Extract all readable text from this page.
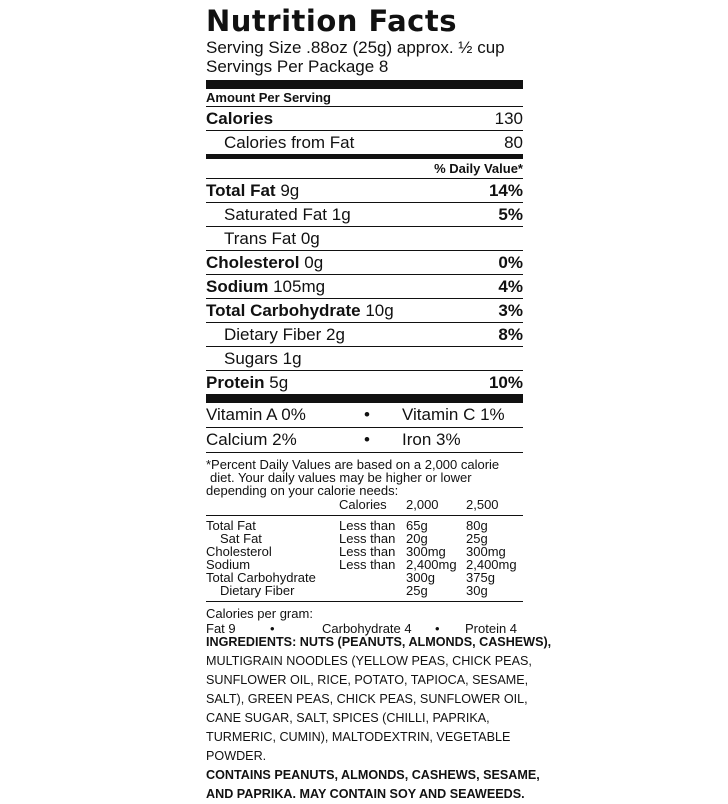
Nutrition Facts
Serving Size .88oz (25g) approx. ½ cup
Servings Per Package 8
Amount Per Serving
Calories	130
Calories from Fat	80
% Daily Value*
Total Fat 9g	14%
Saturated Fat 1g	5%
Trans Fat 0g
Cholesterol 0g	0%
Sodium 105mg	4%
Total Carbohydrate 10g	3%
Dietary Fiber 2g	8%
Sugars 1g
Protein 5g	10%
Vitamin A 0%	•	Vitamin C 1%
Calcium 2%	•	Iron 3%

*Percent Daily Values are based on a 2,000 calorie

diet. Your daily values may be higher or lower

depending on your calorie needs:

	Calories	2,000	2,500
Total Fat	Less than	65g	80g
Sat Fat	Less than	20g	25g
Cholesterol	Less than	300mg	300mg
Sodium	Less than	2,400mg	2,400mg
Total Carbohydrate		300g	375g
Dietary Fiber		25g	30g
Calories per gram:
Fat 9	•	Carbohydrate 4	•	Protein 4

INGREDIENTS: NUTS (PEANUTS, ALMONDS, CASHEWS),

MULTIGRAIN NOODLES (YELLOW PEAS, CHICK PEAS,

SUNFLOWER OIL, RICE, POTATO, TAPIOCA, SESAME,

SALT), GREEN PEAS, CHICK PEAS, SUNFLOWER OIL,

CANE SUGAR, SALT, SPICES (CHILLI, PAPRIKA,

TURMERIC, CUMIN), MALTODEXTRIN, VEGETABLE

POWDER.

CONTAINS PEANUTS, ALMONDS, CASHEWS, SESAME,

AND PAPRIKA. MAY CONTAIN SOY AND SEAWEEDS.
